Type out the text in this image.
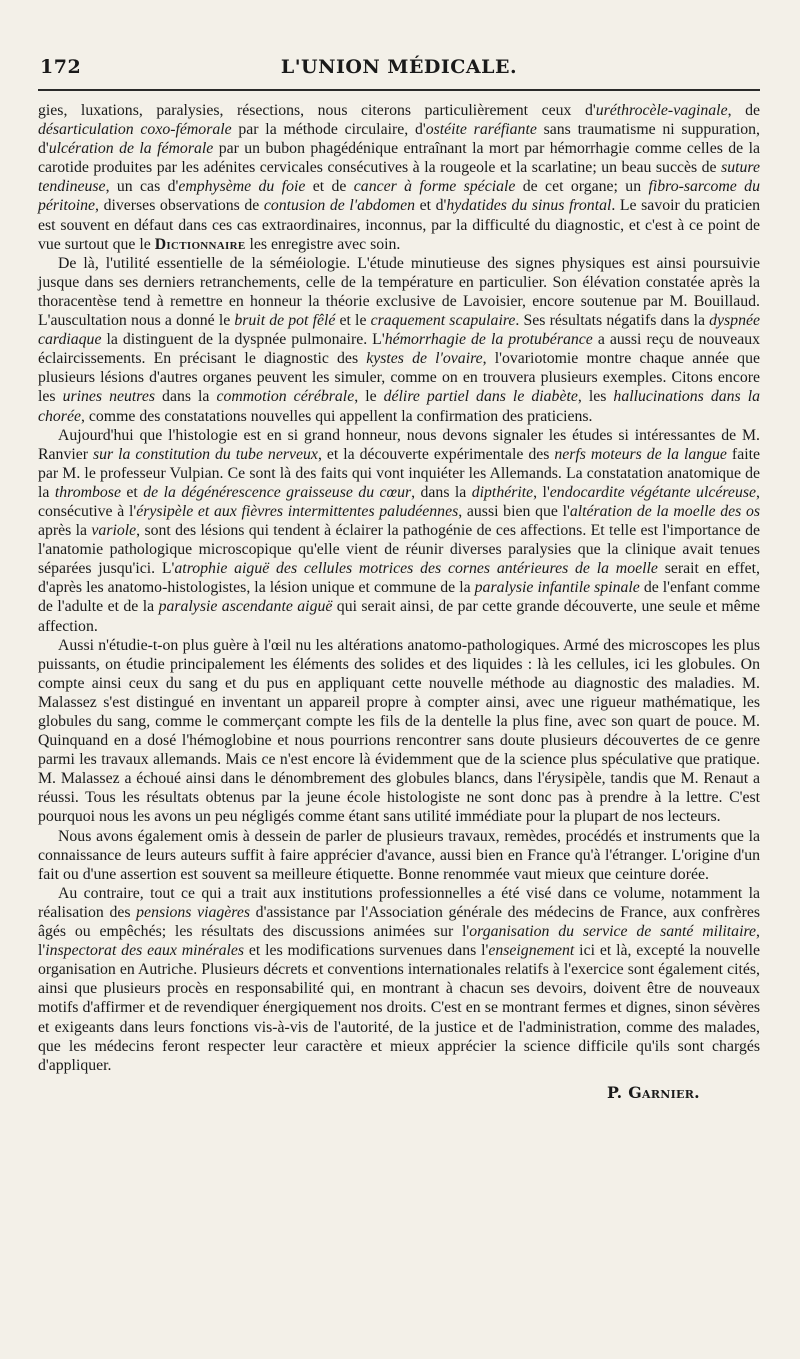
172	L'UNION MÉDICALE.

gies, luxations, paralysies, résections, nous citerons particulièrement ceux d'uréthrocèle-vaginale, de désarticulation coxo-fémorale par la méthode circulaire, d'ostéite raréfiante sans traumatisme ni suppuration, d'ulcération de la fémorale par un bubon phagédénique entraînant la mort par hémorrhagie comme celles de la carotide produites par les adénites cervicales consécutives à la rougeole et la scarlatine; un beau succès de suture tendineuse, un cas d'emphysème du foie et de cancer à forme spéciale de cet organe; un fibro-sarcome du péritoine, diverses observations de contusion de l'abdomen et d'hydatides du sinus frontal. Le savoir du praticien est souvent en défaut dans ces cas extraordinaires, inconnus, par la difficulté du diagnostic, et c'est à ce point de vue surtout que le Dictionnaire les enregistre avec soin.

De là, l'utilité essentielle de la séméiologie. L'étude minutieuse des signes physiques est ainsi poursuivie jusque dans ses derniers retranchements, celle de la température en particulier. Son élévation constatée après la thoracentèse tend à remettre en honneur la théorie exclusive de Lavoisier, encore soutenue par M. Bouillaud. L'auscultation nous a donné le bruit de pot fêlé et le craquement scapulaire. Ses résultats négatifs dans la dyspnée cardiaque la distinguent de la dyspnée pulmonaire. L'hémorrhagie de la protubérance a aussi reçu de nouveaux éclaircissements. En précisant le diagnostic des kystes de l'ovaire, l'ovariotomie montre chaque année que plusieurs lésions d'autres organes peuvent les simuler, comme on en trouvera plusieurs exemples. Citons encore les urines neutres dans la commotion cérébrale, le délire partiel dans le diabète, les hallucinations dans la chorée, comme des constatations nouvelles qui appellent la confirmation des praticiens.

Aujourd'hui que l'histologie est en si grand honneur, nous devons signaler les études si intéressantes de M. Ranvier sur la constitution du tube nerveux, et la découverte expérimentale des nerfs moteurs de la langue faite par M. le professeur Vulpian. Ce sont là des faits qui vont inquiéter les Allemands. La constatation anatomique de la thrombose et de la dégénérescence graisseuse du cœur, dans la dipthérite, l'endocardite végétante ulcéreuse, consécutive à l'érysipèle et aux fièvres intermittentes paludéennes, aussi bien que l'altération de la moelle des os après la variole, sont des lésions qui tendent à éclairer la pathogénie de ces affections. Et telle est l'importance de l'anatomie pathologique microscopique qu'elle vient de réunir diverses paralysies que la clinique avait tenues séparées jusqu'ici. L'atrophie aiguë des cellules motrices des cornes antérieures de la moelle serait en effet, d'après les anatomo-histologistes, la lésion unique et commune de la paralysie infantile spinale de l'enfant comme de l'adulte et de la paralysie ascendante aiguë qui serait ainsi, de par cette grande découverte, une seule et même affection.

Aussi n'étudie-t-on plus guère à l'œil nu les altérations anatomo-pathologiques. Armé des microscopes les plus puissants, on étudie principalement les éléments des solides et des liquides : là les cellules, ici les globules. On compte ainsi ceux du sang et du pus en appliquant cette nouvelle méthode au diagnostic des maladies. M. Malassez s'est distingué en inventant un appareil propre à compter ainsi, avec une rigueur mathématique, les globules du sang, comme le commerçant compte les fils de la dentelle la plus fine, avec son quart de pouce. M. Quinquand en a dosé l'hémoglobine et nous pourrions rencontrer sans doute plusieurs découvertes de ce genre parmi les travaux allemands. Mais ce n'est encore là évidemment que de la science plus spéculative que pratique. M. Malassez a échoué ainsi dans le dénombrement des globules blancs, dans l'érysipèle, tandis que M. Renaut a réussi. Tous les résultats obtenus par la jeune école histologiste ne sont donc pas à prendre à la lettre. C'est pourquoi nous les avons un peu négligés comme étant sans utilité immédiate pour la plupart de nos lecteurs.

Nous avons également omis à dessein de parler de plusieurs travaux, remèdes, procédés et instruments que la connaissance de leurs auteurs suffit à faire apprécier d'avance, aussi bien en France qu'à l'étranger. L'origine d'un fait ou d'une assertion est souvent sa meilleure étiquette. Bonne renommée vaut mieux que ceinture dorée.

Au contraire, tout ce qui a trait aux institutions professionnelles a été visé dans ce volume, notamment la réalisation des pensions viagères d'assistance par l'Association générale des médecins de France, aux confrères âgés ou empêchés; les résultats des discussions animées sur l'organisation du service de santé militaire, l'inspectorat des eaux minérales et les modifications survenues dans l'enseignement ici et là, excepté la nouvelle organisation en Autriche. Plusieurs décrets et conventions internationales relatifs à l'exercice sont également cités, ainsi que plusieurs procès en responsabilité qui, en montrant à chacun ses devoirs, doivent être de nouveaux motifs d'affirmer et de revendiquer énergiquement nos droits. C'est en se montrant fermes et dignes, sinon sévères et exigeants dans leurs fonctions vis-à-vis de l'autorité, de la justice et de l'administration, comme des malades, que les médecins feront respecter leur caractère et mieux apprécier la science difficile qu'ils sont chargés d'appliquer.

P. Garnier.
